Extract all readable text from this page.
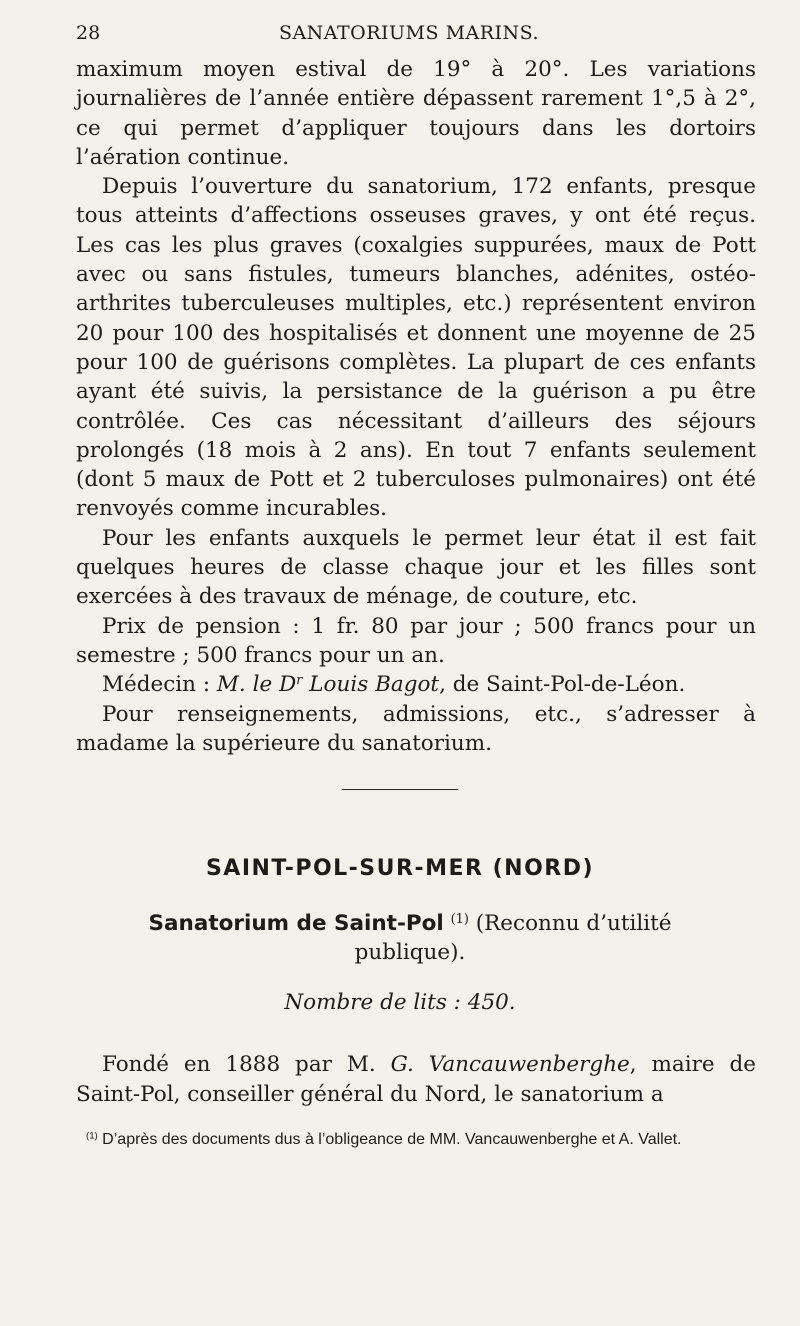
28	SANATORIUMS MARINS.

maximum moyen estival de 19° à 20°. Les variations journalières de l’année entière dépassent rarement 1°,5 à 2°, ce qui permet d’appliquer toujours dans les dortoirs l’aération continue.

Depuis l’ouverture du sanatorium, 172 enfants, presque tous atteints d’affections osseuses graves, y ont été reçus. Les cas les plus graves (coxalgies suppurées, maux de Pott avec ou sans fistules, tumeurs blanches, adénites, ostéo-arthrites tuberculeuses multiples, etc.) représentent environ 20 pour 100 des hospitalisés et donnent une moyenne de 25 pour 100 de guérisons complètes. La plupart de ces enfants ayant été suivis, la persistance de la guérison a pu être contrôlée. Ces cas nécessitant d’ailleurs des séjours prolongés (18 mois à 2 ans). En tout 7 enfants seulement (dont 5 maux de Pott et 2 tuberculoses pulmonaires) ont été renvoyés comme incurables.

Pour les enfants auxquels le permet leur état il est fait quelques heures de classe chaque jour et les filles sont exercées à des travaux de ménage, de couture, etc.

Prix de pension : 1 fr. 80 par jour ; 500 francs pour un semestre ; 500 francs pour un an.

Médecin : M. le $D^r$ Louis Bagot, de Saint-Pol-de-Léon.

Pour renseignements, admissions, etc., s’adresser à madame la supérieure du sanatorium.

SAINT-POL-SUR-MER (NORD)
Sanatorium de Saint-Pol $^{(1)}$ (Reconnu d’utilité publique).
Nombre de lits : 450.

Fondé en 1888 par M. G. Vancauwenberghe, maire de Saint-Pol, conseiller général du Nord, le sanatorium a

$^{(1)}$ D’après des documents dus à l’obligeance de MM. Vancauwenberghe et A. Vallet.
